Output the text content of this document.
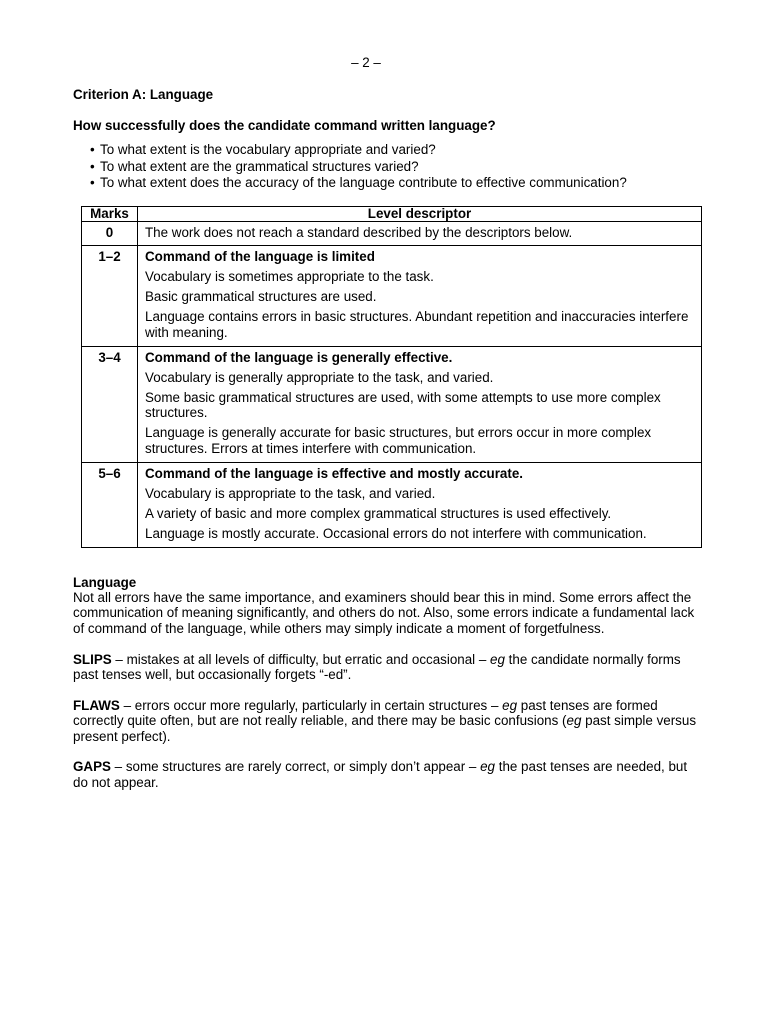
– 2 –

Criterion A: Language

How successfully does the candidate command written language?

• To what extent is the vocabulary appropriate and varied?
• To what extent are the grammatical structures varied?
• To what extent does the accuracy of the language contribute to effective communication?
Marks	Level descriptor
0	The work does not reach a standard described by the descriptors below.

1–2	Command of the language is limited

Vocabulary is sometimes appropriate to the task.

Basic grammatical structures are used.

Language contains errors in basic structures. Abundant repetition and inaccuracies interfere with meaning.

3–4	Command of the language is generally effective.

Vocabulary is generally appropriate to the task, and varied.

Some basic grammatical structures are used, with some attempts to use more complex structures.

Language is generally accurate for basic structures, but errors occur in more complex structures. Errors at times interfere with communication.

5–6	Command of the language is effective and mostly accurate.

Vocabulary is appropriate to the task, and varied.

A variety of basic and more complex grammatical structures is used effectively.

Language is mostly accurate. Occasional errors do not interfere with communication.

Language

Not all errors have the same importance, and examiners should bear this in mind. Some errors affect the communication of meaning significantly, and others do not. Also, some errors indicate a fundamental lack of command of the language, while others may simply indicate a moment of forgetfulness.

SLIPS – mistakes at all levels of difficulty, but erratic and occasional – eg the candidate normally forms past tenses well, but occasionally forgets “-ed”.

FLAWS – errors occur more regularly, particularly in certain structures – eg past tenses are formed correctly quite often, but are not really reliable, and there may be basic confusions (eg past simple versus present perfect).

GAPS – some structures are rarely correct, or simply don’t appear – eg the past tenses are needed, but do not appear.
